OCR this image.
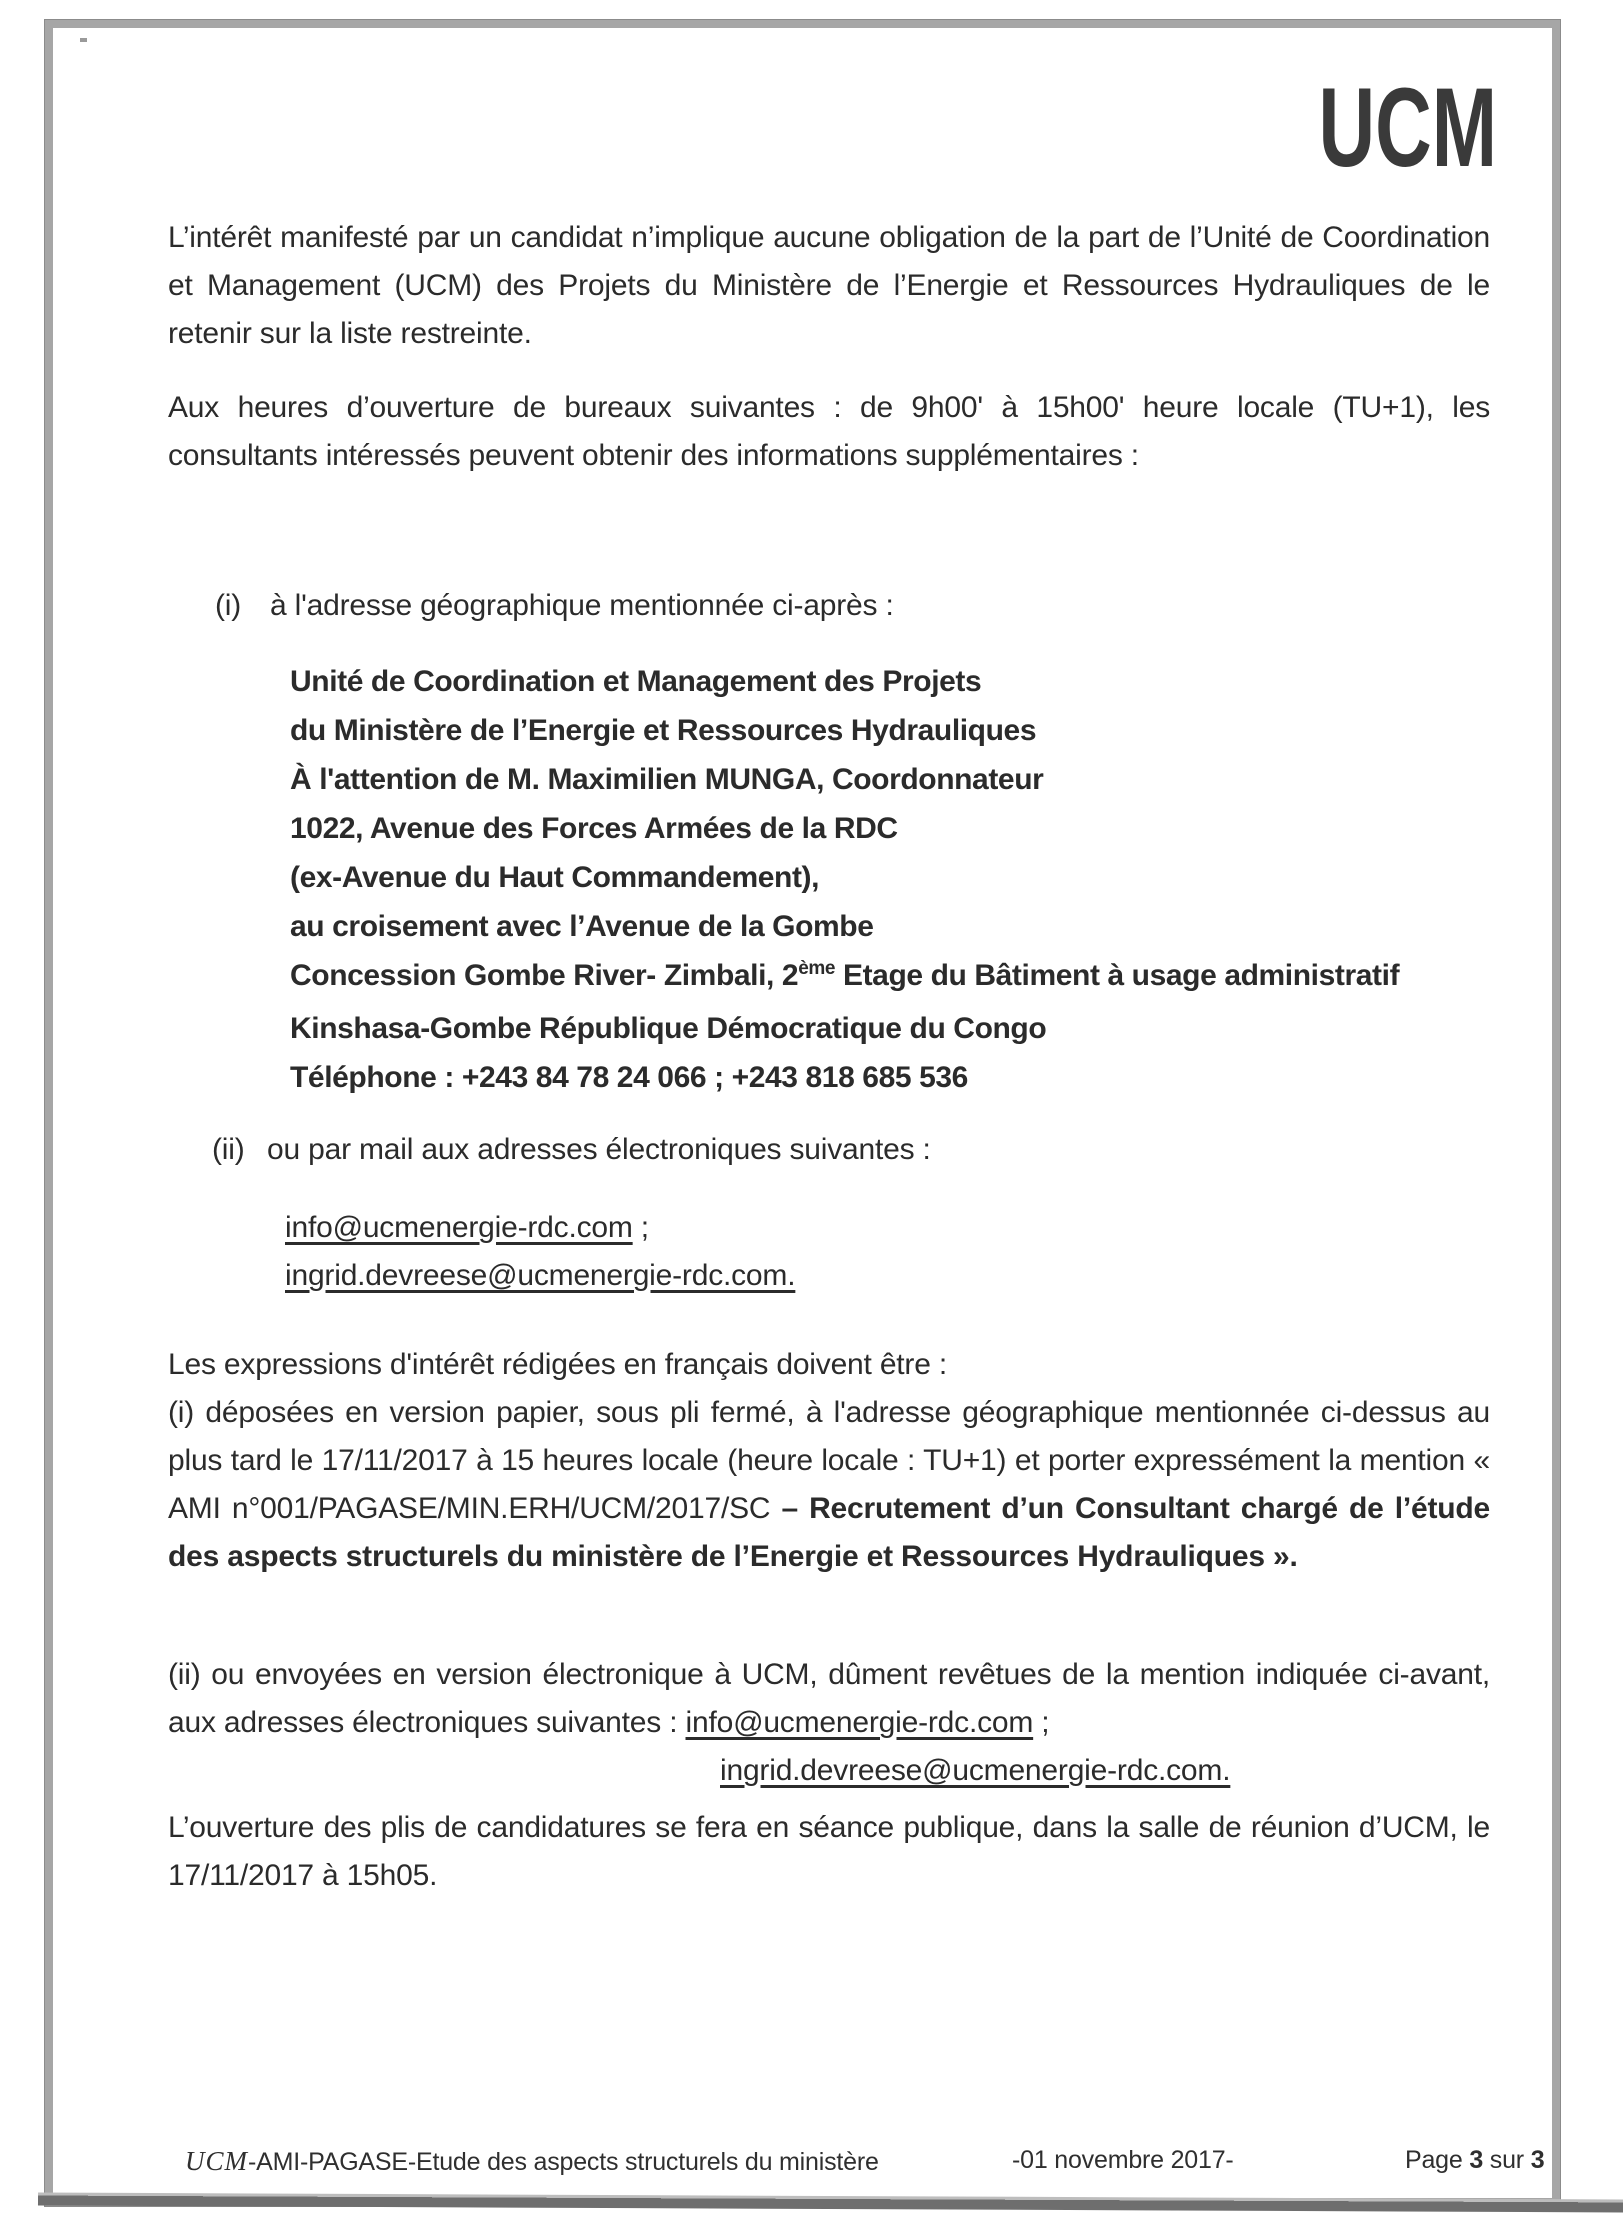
UCM
L’intérêt manifesté par un candidat n’implique aucune obligation de la part de l’Unité de Coordination et Management (UCM) des Projets du Ministère de l’Energie et Ressources Hydrauliques de le retenir sur la liste restreinte.
Aux heures d’ouverture de bureaux suivantes : de 9h00' à 15h00' heure locale (TU+1), les consultants intéressés peuvent obtenir des informations supplémentaires :
(i) à l'adresse géographique mentionnée ci-après :
Unité de Coordination et Management des Projets
du Ministère de l’Energie et Ressources Hydrauliques
À l'attention de M. Maximilien MUNGA, Coordonnateur
1022, Avenue des Forces Armées de la RDC
(ex-Avenue du Haut Commandement),
au croisement avec l’Avenue de la Gombe
Concession Gombe River- Zimbali, 2ème Etage du Bâtiment à usage administratif
Kinshasa-Gombe République Démocratique du Congo
Téléphone : +243 84 78 24 066 ; +243 818 685 536
(ii) ou par mail aux adresses électroniques suivantes :
info@ucmenergie-rdc.com ;
ingrid.devreese@ucmenergie-rdc.com.
Les expressions d'intérêt rédigées en français doivent être :
(i) déposées en version papier, sous pli fermé, à l'adresse géographique mentionnée ci-dessus au plus tard le 17/11/2017 à 15 heures locale (heure locale : TU+1) et porter expressément la mention « AMI n°001/PAGASE/MIN.ERH/UCM/2017/SC – Recrutement d’un Consultant chargé de l’étude des aspects structurels du ministère de l’Energie et Ressources Hydrauliques ».
(ii) ou envoyées en version électronique à UCM, dûment revêtues de la mention indiquée ci-avant, aux adresses électroniques suivantes : info@ucmenergie-rdc.com ;
ingrid.devreese@ucmenergie-rdc.com.
L’ouverture des plis de candidatures se fera en séance publique, dans la salle de réunion d’UCM, le 17/11/2017 à 15h05.
UCM-AMI-PAGASE-Etude des aspects structurels du ministère	-01 novembre 2017-	Page 3 sur 3
